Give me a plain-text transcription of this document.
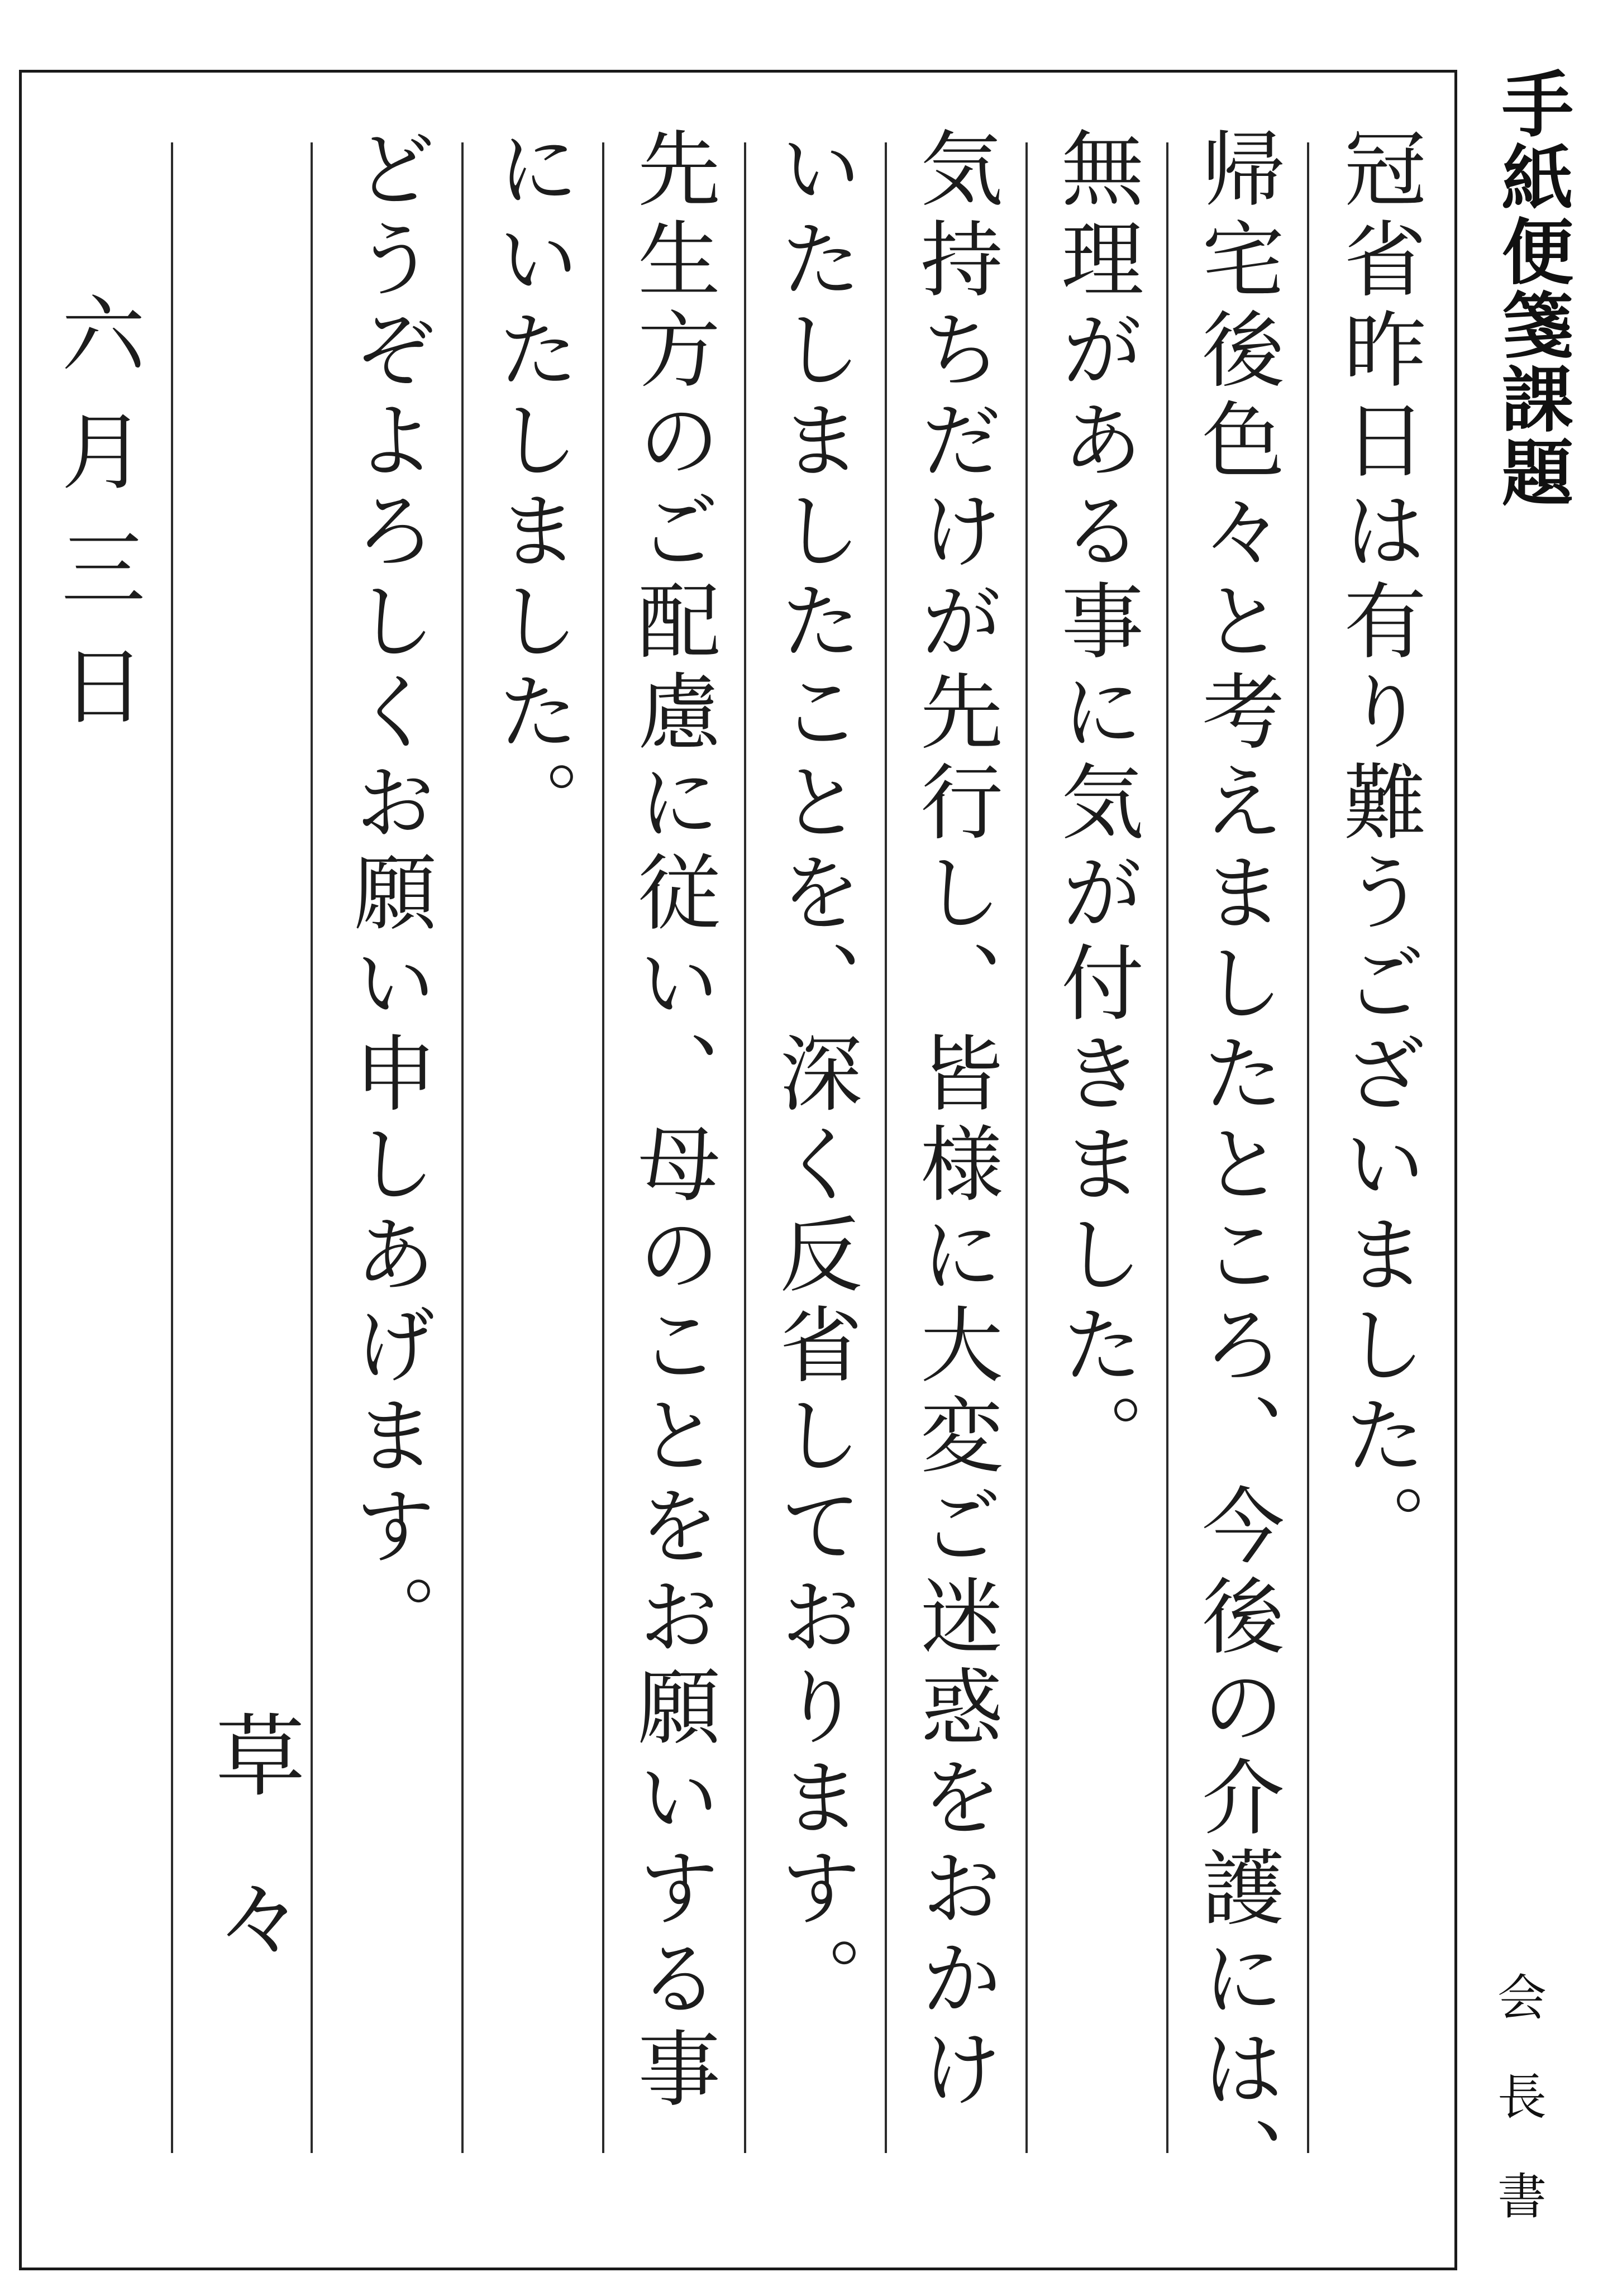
冠省昨日は有り難うございました。
帰宅後色々と考えましたところ、今後の介護には、
無理がある事に気が付きました。
気持ちだけが先行し、皆様に大変ご迷惑をおかけ
いたしましたことを、深く反省しております。
先生方のご配慮に従い、母のことをお願いする事
にいたしました。
どうぞよろしくお願い申しあげます。
草々
六月三日
手紙便箋課題
会長書
